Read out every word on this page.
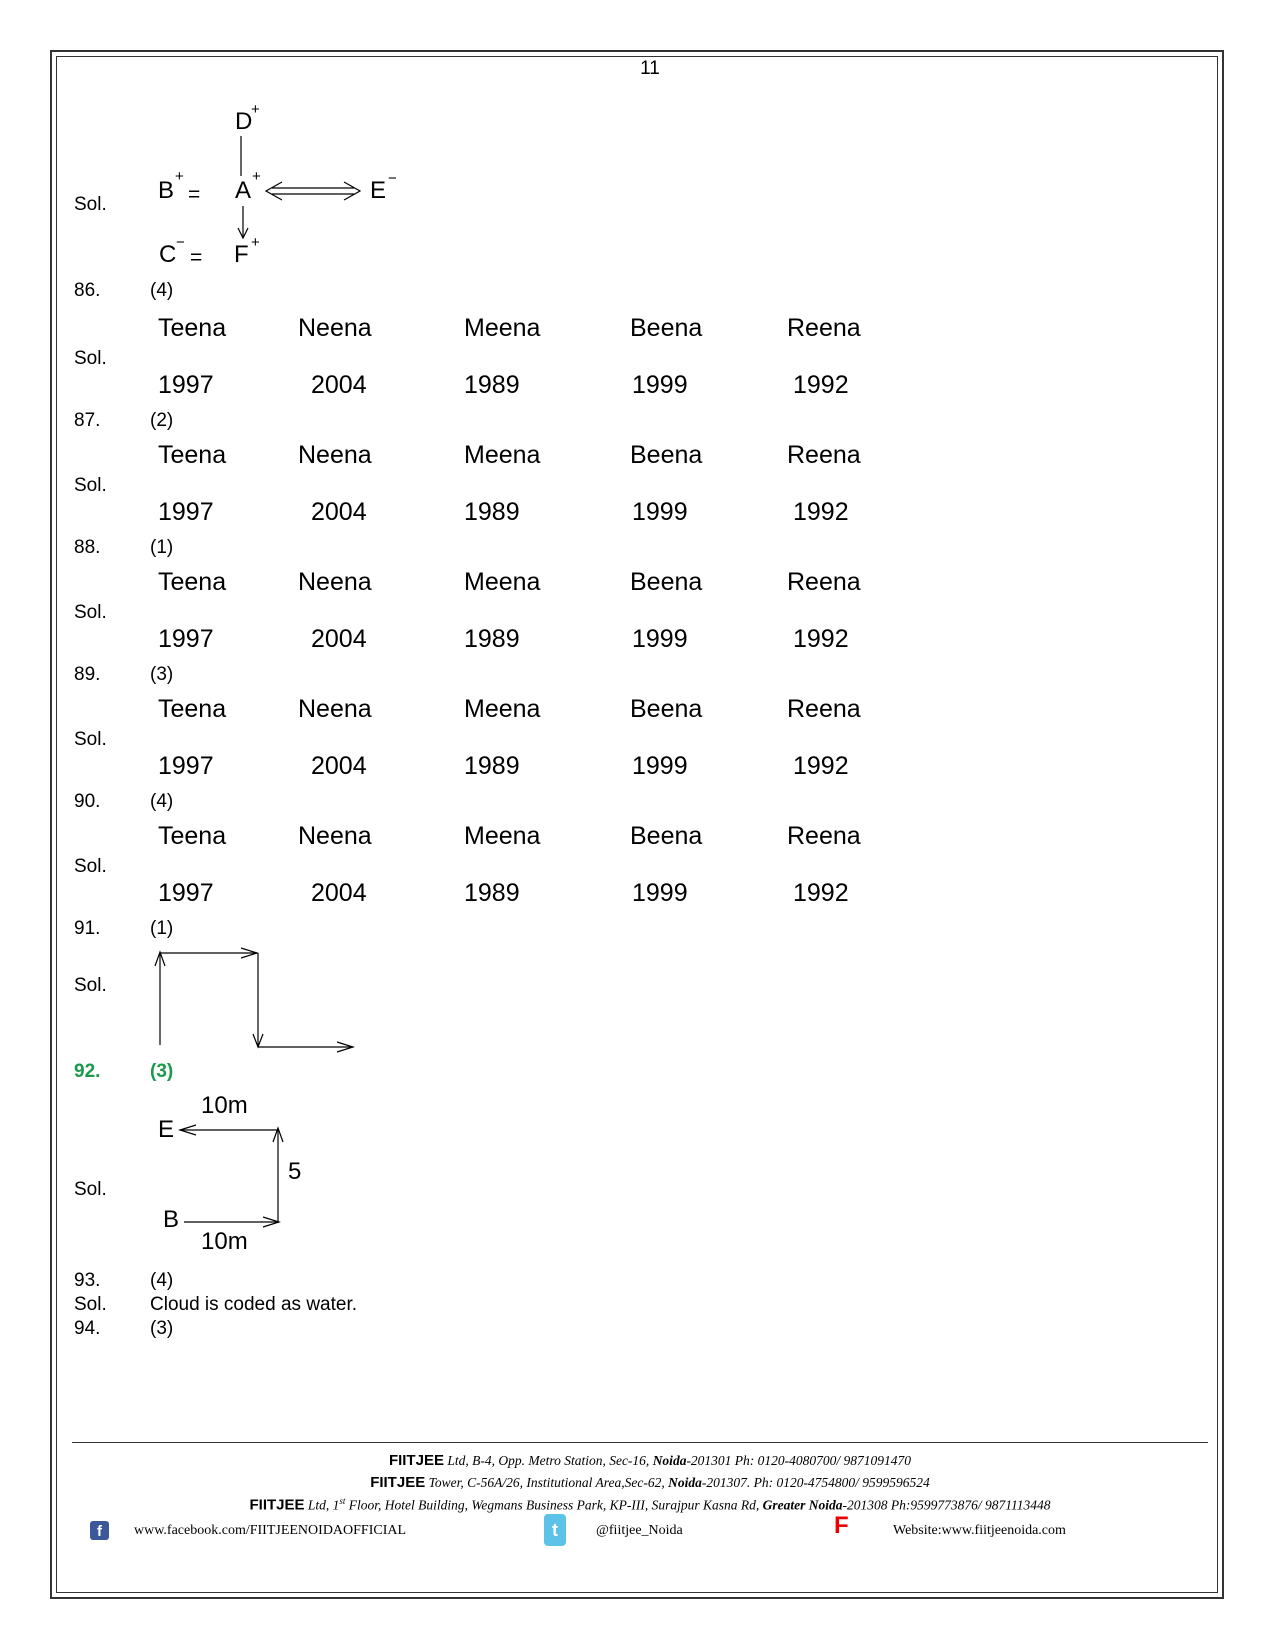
11
Sol.
D
+
B
+
= A
+
E −
C −
= F +
86.	(4)
Sol.
Teena	Neena	Meena	Beena	Reena
1997	2004	1989	1999	1992
87.	(2)
Sol.
Teena	Neena	Meena	Beena	Reena
1997	2004	1989	1999	1992
88.	(1)
Sol.
Teena	Neena	Meena	Beena	Reena
1997	2004	1989	1999	1992
89.	(3)
Sol.
Teena	Neena	Meena	Beena	Reena
1997	2004	1989	1999	1992
90.	(4)
Sol.
Teena	Neena	Meena	Beena	Reena
1997	2004	1989	1999	1992
91.	(1)
Sol.
92.	(3)
Sol.
10m
E
5
B
10m
93.	(4)
Sol. Cloud is coded as water.
94.	(3)
FIITJEE Ltd, B-4, Opp. Metro Station, Sec-16, Noida-201301 Ph: 0120-4080700/ 9871091470
FIITJEE Tower, C-56A/26, Institutional Area,Sec-62, Noida-201307. Ph: 0120-4754800/ 9599596524
FIITJEE Ltd, 1st Floor, Hotel Building, Wegmans Business Park, KP-III, Surajpur Kasna Rd, Greater Noida-201308 Ph:9599773876/ 9871113448
f	www.facebook.com/FIITJEENOIDAOFFICIAL	t	@fiitjee_Noida	F	Website:www.fiitjeenoida.com
